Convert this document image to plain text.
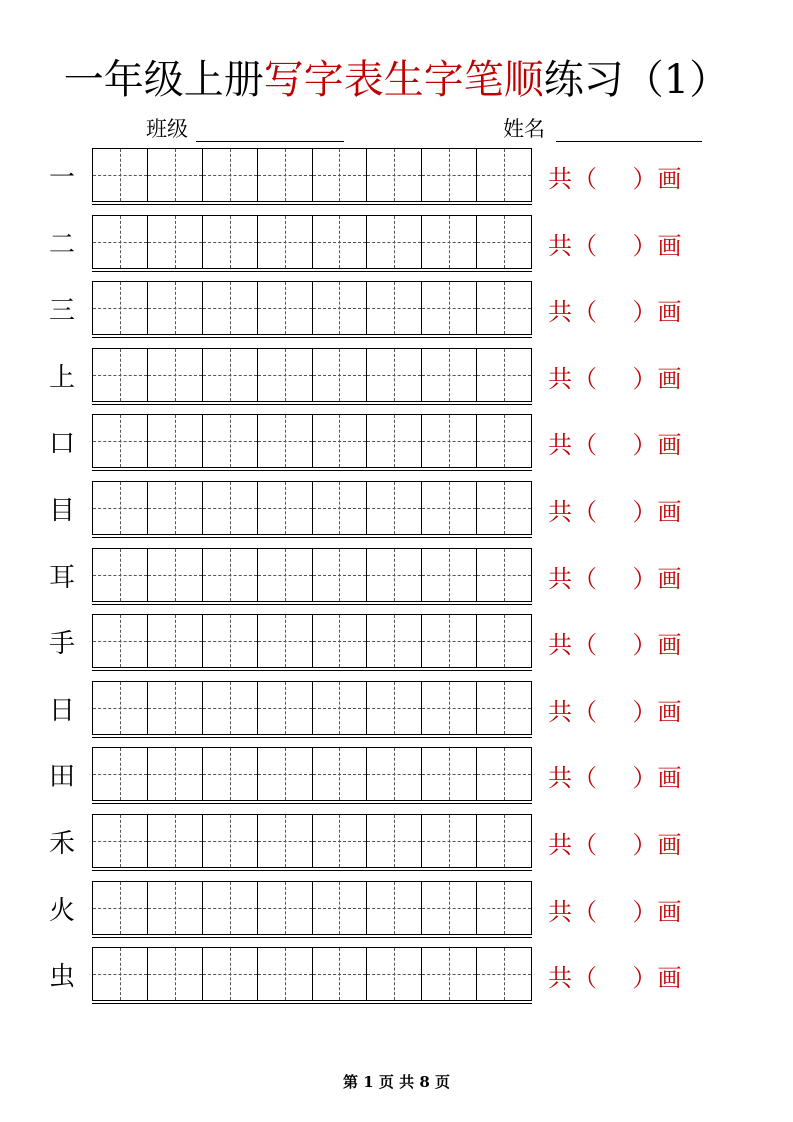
一年级上册写字表生字笔顺练习（1）
班级	姓名
一	共（    ）画
二	共（    ）画
三	共（    ）画
上	共（    ）画
口	共（    ）画
目	共（    ）画
耳	共（    ）画
手	共（    ）画
日	共（    ）画
田	共（    ）画
禾	共（    ）画
火	共（    ）画
虫	共（    ）画
第 1 页 共 8 页
